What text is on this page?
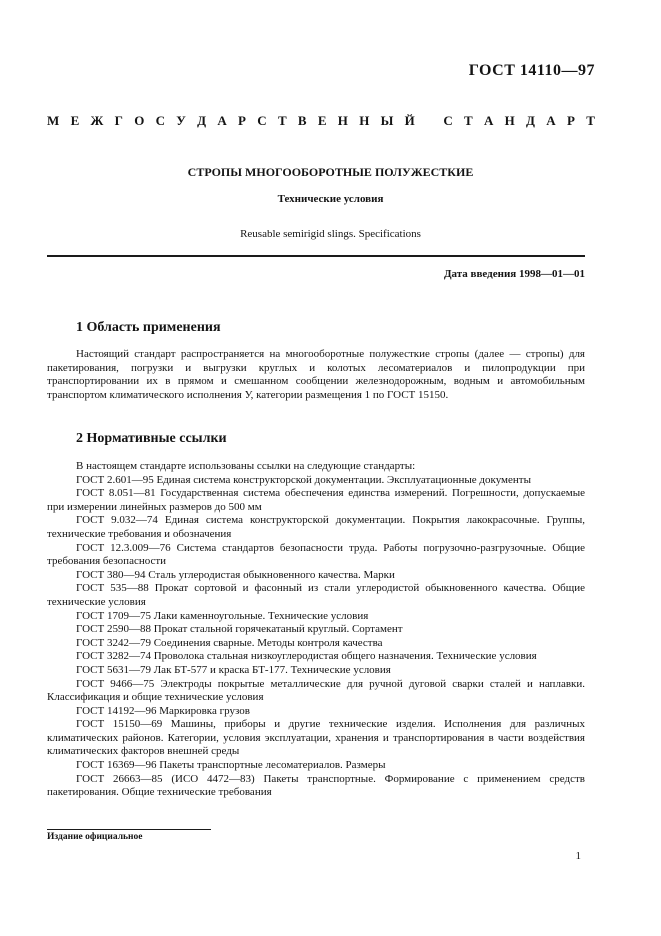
ГОСТ 14110—97
М Е Ж Г О С У Д А Р С Т В Е Н Н Ы Й С Т А Н Д А Р Т
СТРОПЫ МНОГООБОРОТНЫЕ ПОЛУЖЕСТКИЕ
Технические условия
Reusable semirigid slings. Specifications
Дата введения 1998—01—01
1 Область применения

Настоящий стандарт распространяется на многооборотные полужесткие стропы (далее — стропы) для пакетирования, погрузки и выгрузки круглых и колотых лесоматериалов и пилопродукции при транспортировании их в прямом и смешанном сообщении железнодорожным, водным и автомобильным транспортом климатического исполнения У, категории размещения 1 по ГОСТ 15150.

2 Нормативные ссылки

В настоящем стандарте использованы ссылки на следующие стандарты:

ГОСТ 2.601—95 Единая система конструкторской документации. Эксплуатационные документы

ГОСТ 8.051—81 Государственная система обеспечения единства измерений. Погрешности, допускаемые при измерении линейных размеров до 500 мм

ГОСТ 9.032—74 Единая система конструкторской документации. Покрытия лакокрасочные. Группы, технические требования и обозначения

ГОСТ 12.3.009—76 Система стандартов безопасности труда. Работы погрузочно-разгрузочные. Общие требования безопасности

ГОСТ 380—94 Сталь углеродистая обыкновенного качества. Марки

ГОСТ 535—88 Прокат сортовой и фасонный из стали углеродистой обыкновенного качества. Общие технические условия

ГОСТ 1709—75 Лаки каменноугольные. Технические условия

ГОСТ 2590—88 Прокат стальной горячекатаный круглый. Сортамент

ГОСТ 3242—79 Соединения сварные. Методы контроля качества

ГОСТ 3282—74 Проволока стальная низкоуглеродистая общего назначения. Технические условия

ГОСТ 5631—79 Лак БТ-577 и краска БТ-177. Технические условия

ГОСТ 9466—75 Электроды покрытые металлические для ручной дуговой сварки сталей и наплавки. Классификация и общие технические условия

ГОСТ 14192—96 Маркировка грузов

ГОСТ 15150—69 Машины, приборы и другие технические изделия. Исполнения для различных климатических районов. Категории, условия эксплуатации, хранения и транспортирования в части воздействия климатических факторов внешней среды

ГОСТ 16369—96 Пакеты транспортные лесоматериалов. Размеры

ГОСТ 26663—85 (ИСО 4472—83) Пакеты транспортные. Формирование с применением средств пакетирования. Общие технические требования

Издание официальное
1
